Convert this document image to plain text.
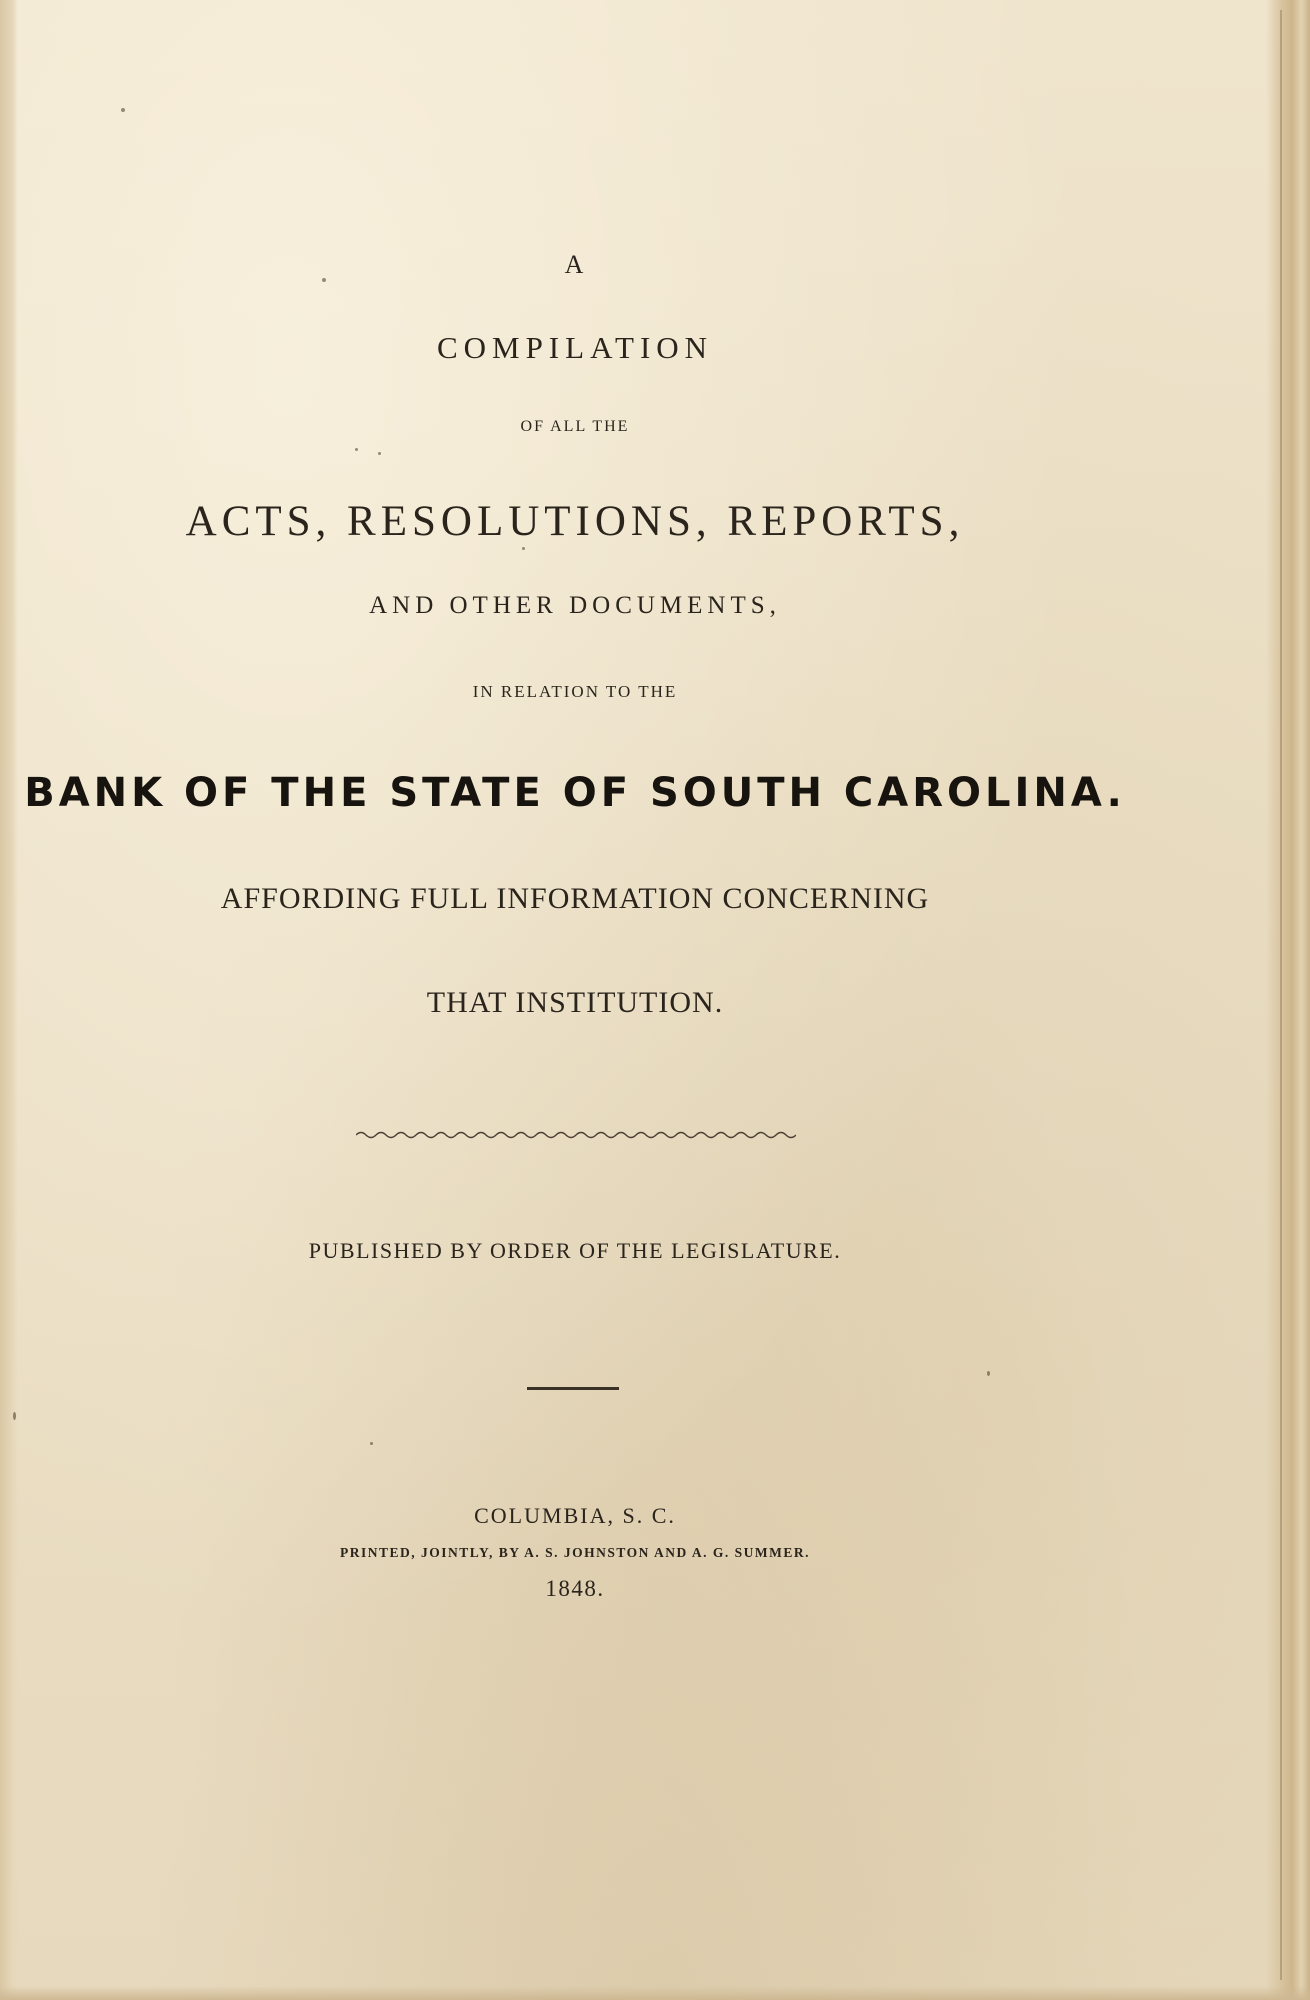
A

COMPILATION

OF ALL THE

ACTS, RESOLUTIONS, REPORTS,

AND OTHER DOCUMENTS,

IN RELATION TO THE

BANK OF THE STATE OF SOUTH CAROLINA.

AFFORDING FULL INFORMATION CONCERNING

THAT INSTITUTION.

PUBLISHED BY ORDER OF THE LEGISLATURE.

COLUMBIA, S. C.

PRINTED, JOINTLY, BY A. S. JOHNSTON AND A. G. SUMMER.

1848.
